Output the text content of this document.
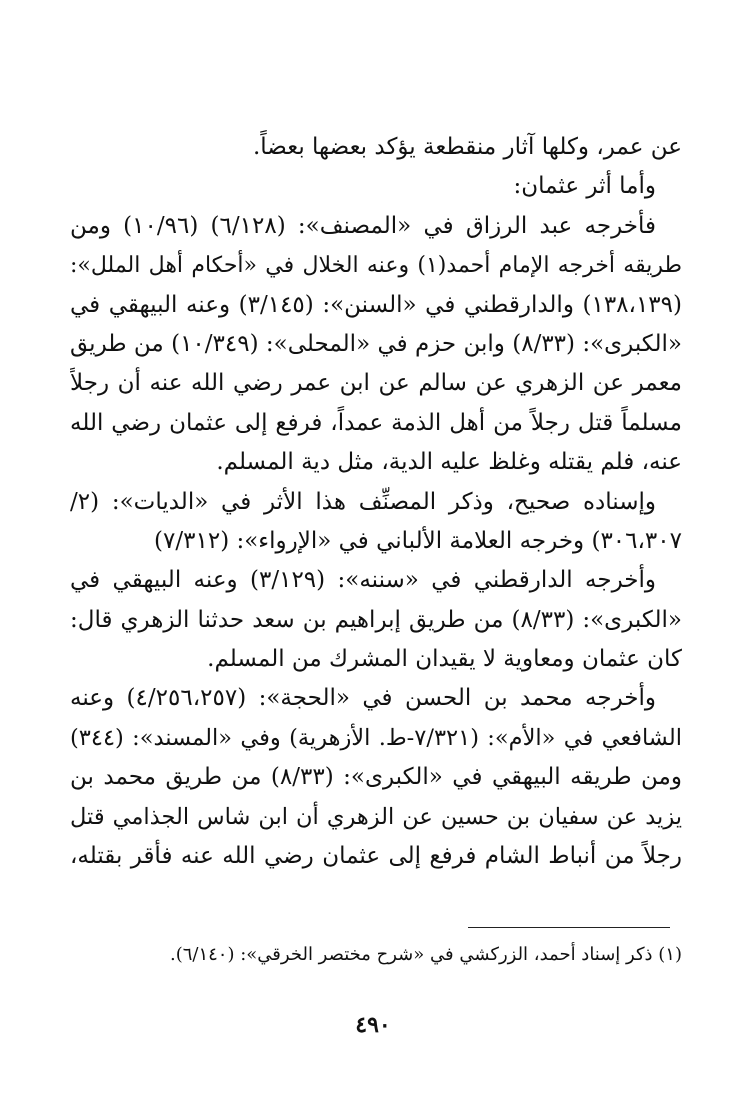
عن عمر، وكلها آثار منقطعة يؤكد بعضها بعضاً.
وأما أثر عثمان:
فأخرجه عبد الرزاق في «المصنف»: (٦/١٢٨) (١٠/٩٦) ومن
طريقه أخرجه الإمام أحمد(١) وعنه الخلال في «أحكام أهل الملل»:
(١٣٨،١٣٩) والدارقطني في «السنن»: (٣/١٤٥) وعنه البيهقي في
«الكبرى»: (٨/٣٣) وابن حزم في «المحلى»: (١٠/٣٤٩) من طريق
معمر عن الزهري عن سالم عن ابن عمر رضي الله عنه أن رجلاً
مسلماً قتل رجلاً من أهل الذمة عمداً، فرفع إلى عثمان رضي الله
عنه، فلم يقتله وغلظ عليه الدية، مثل دية المسلم.
وإسناده صحيح، وذكر المصنِّف هذا الأثر في «الديات»: (٢/
٣٠٦،٣٠٧) وخرجه العلامة الألباني في «الإرواء»: (٧/٣١٢)
وأخرجه الدارقطني في «سننه»: (٣/١٢٩) وعنه البيهقي في
«الكبرى»: (٨/٣٣) من طريق إبراهيم بن سعد حدثنا الزهري قال:
كان عثمان ومعاوية لا يقيدان المشرك من المسلم.
وأخرجه محمد بن الحسن في «الحجة»: (٤/٢٥٦،٢٥٧) وعنه
الشافعي في «الأم»: (٧/٣٢١-ط. الأزهرية) وفي «المسند»: (٣٤٤)
ومن طريقه البيهقي في «الكبرى»: (٨/٣٣) من طريق محمد بن
يزيد عن سفيان بن حسين عن الزهري أن ابن شاس الجذامي قتل
رجلاً من أنباط الشام فرفع إلى عثمان رضي الله عنه فأقر بقتله،
(١) ذكر إسناد أحمد، الزركشي في «شرح مختصر الخرقي»: (٦/١٤٠).
٤٩٠
